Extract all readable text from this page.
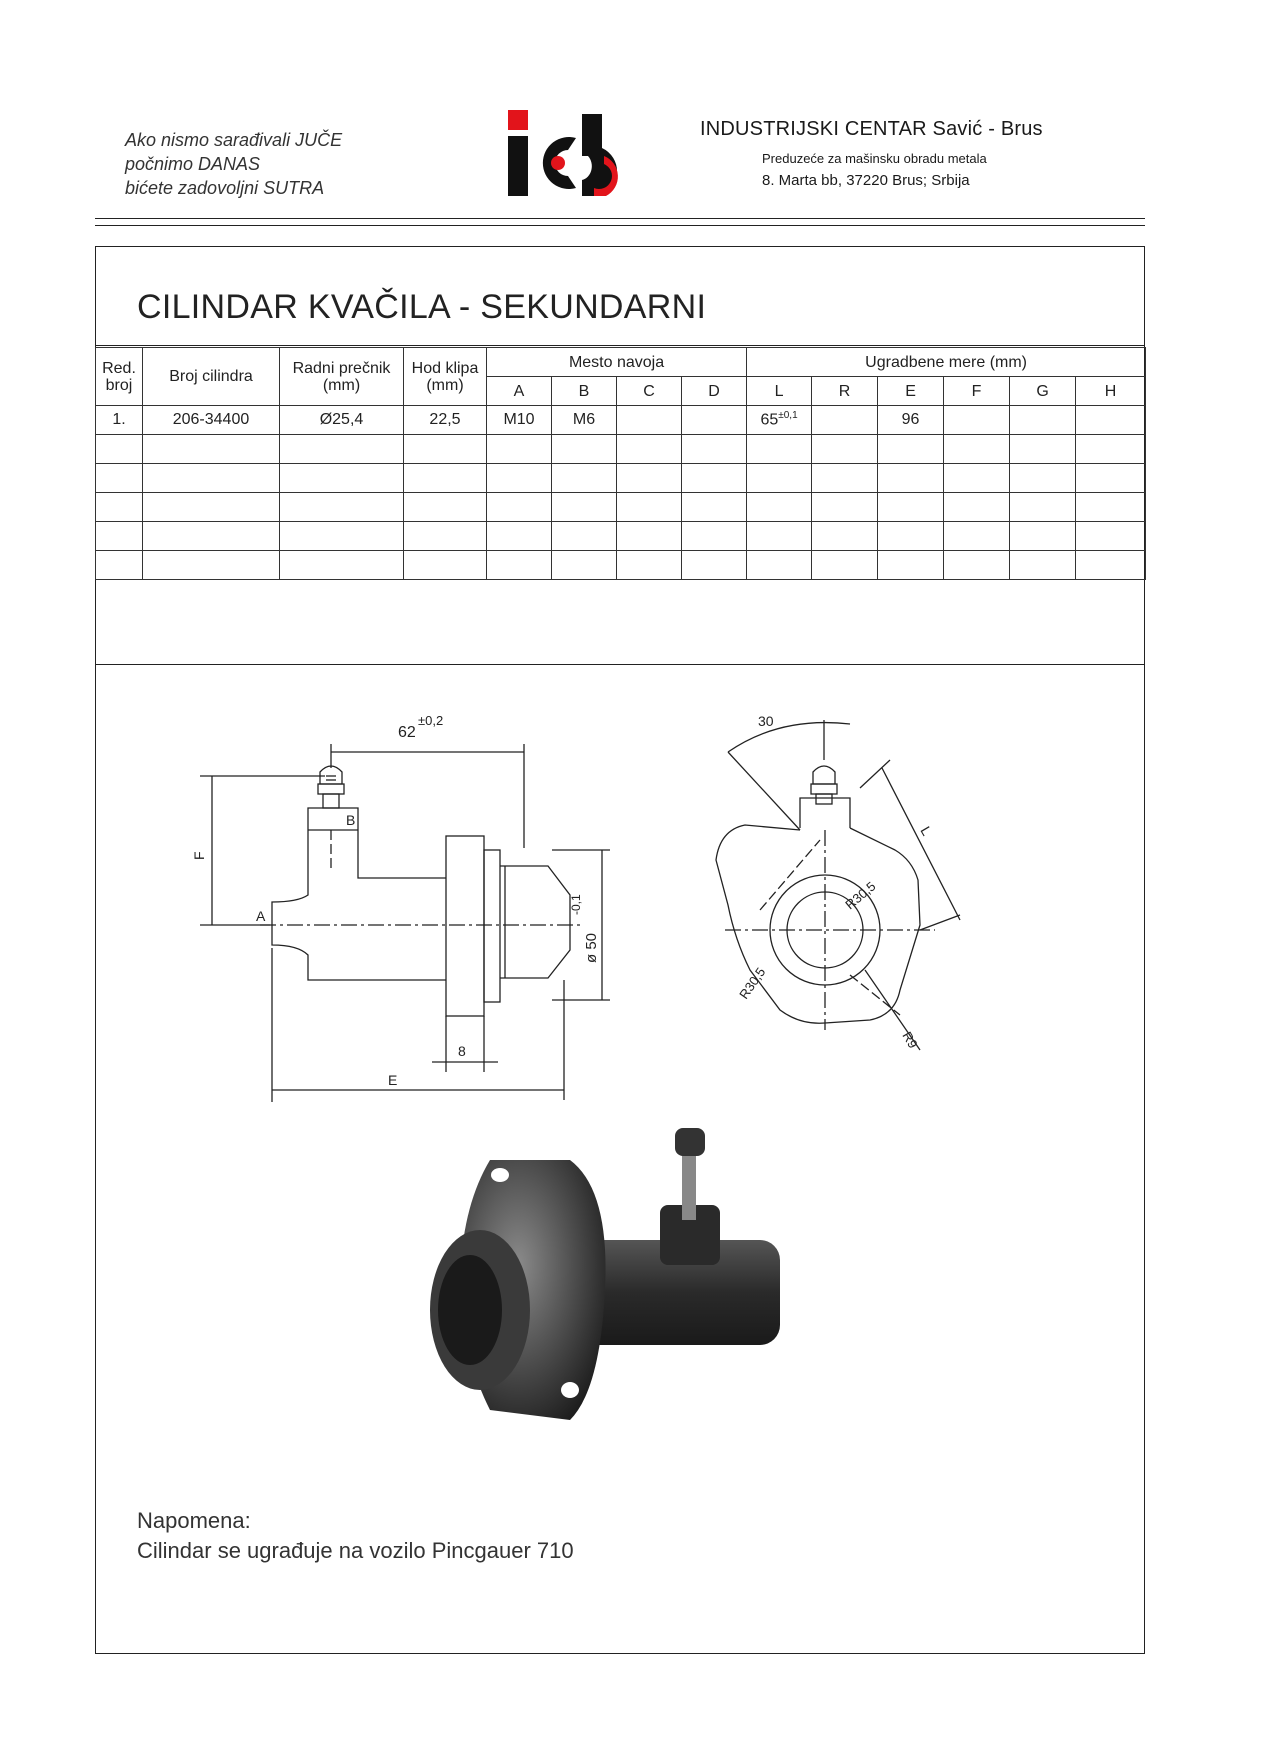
Ako nismo sarađivali JUČE
počnimo DANAS
bićete zadovoljni SUTRA
INDUSTRIJSKI CENTAR Savić - Brus
Preduzeće za mašinsku obradu metala
8. Marta bb, 37220 Brus; Srbija
CILINDAR KVAČILA - SEKUNDARNI
Red. broj	Broj cilindra	Radni prečnik (mm)	Hod klipa (mm)	Mesto navoja				Ugradbene mere (mm)					
				A	B	C	D	L	R	E	F	G	H
1.	206-34400	Ø25,4	22,5	M10	M6			$65^{\pm 0,1}$		96			

62
±0,2
F
A
B
ø 50
-0,1
8
E
30
L
R30,5
R30,5
R9
Napomena:
Cilindar se ugrađuje na vozilo Pincgauer 710
